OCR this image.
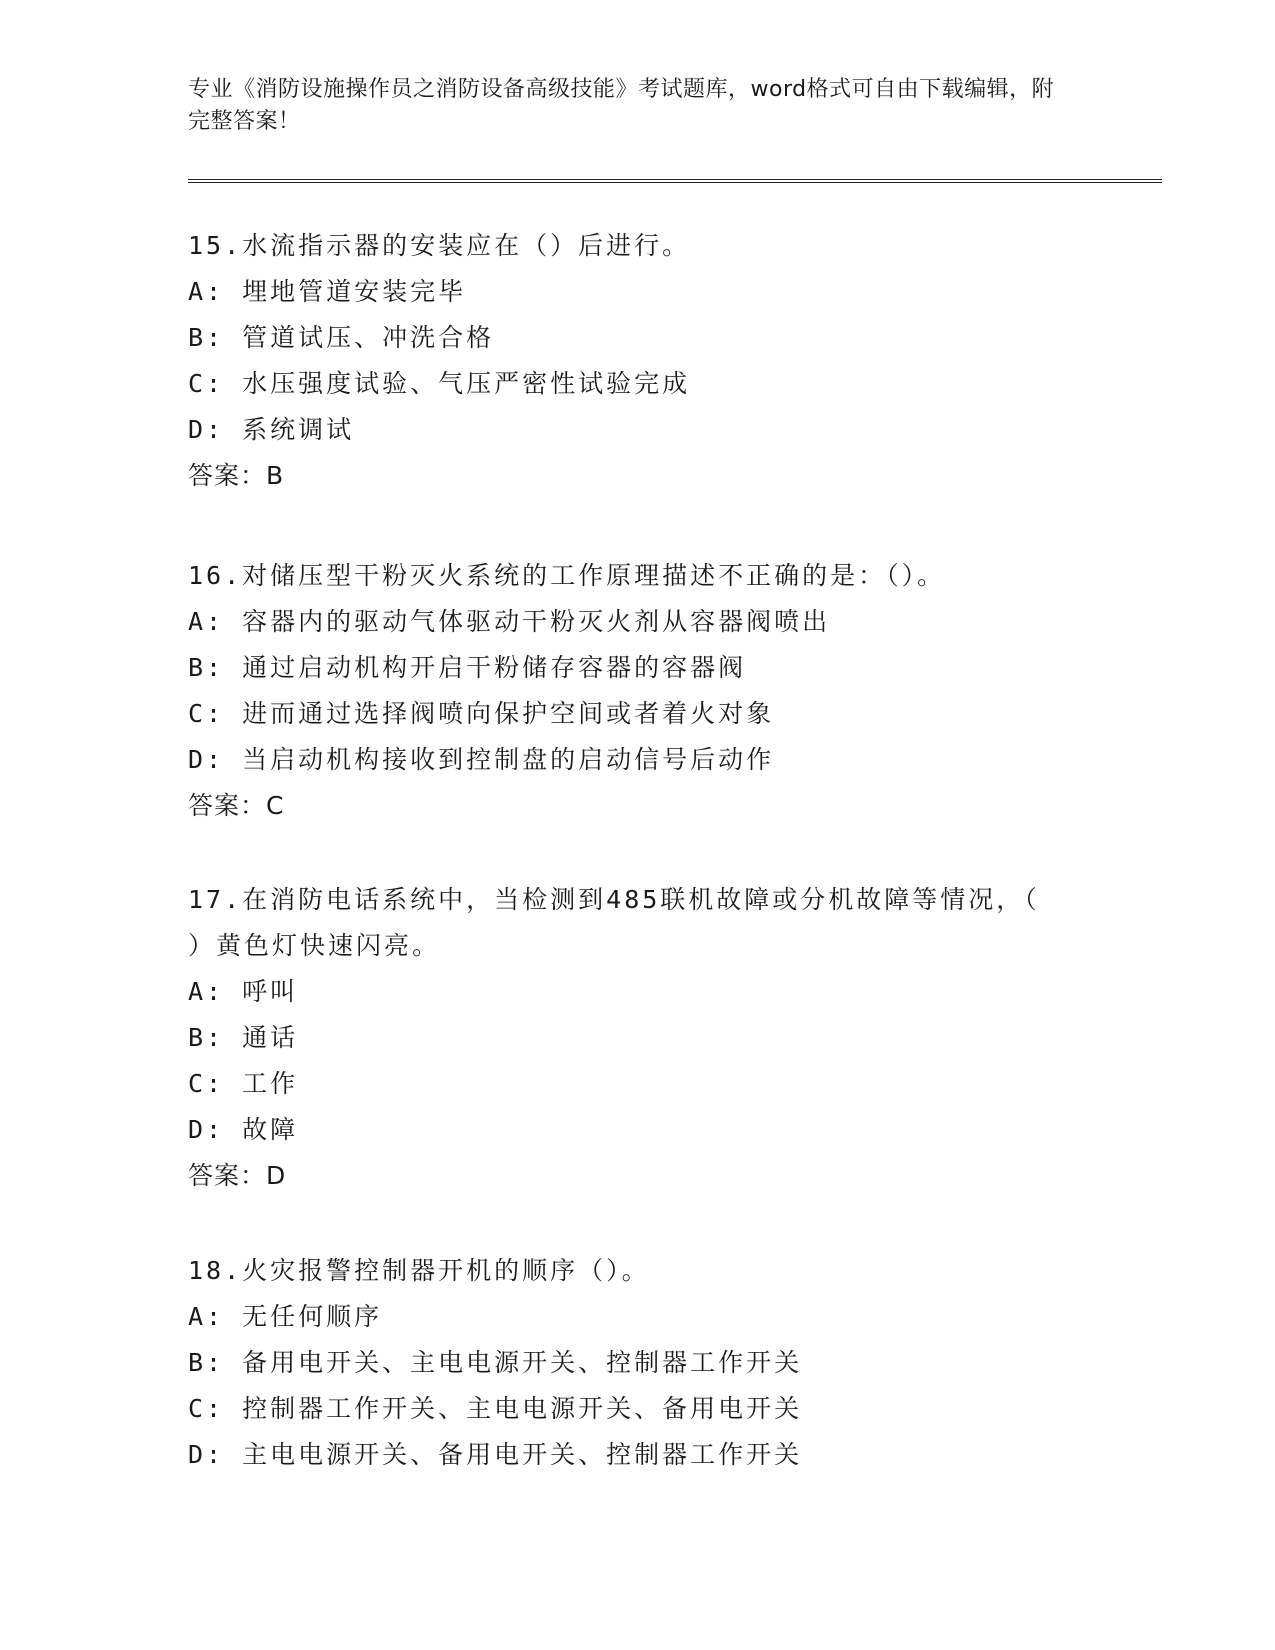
专业《消防设施操作员之消防设备高级技能》考试题库，word格式可自由下载编辑，附完整答案！
15.水流指示器的安装应在（）后进行。
A: 埋地管道安装完毕
B: 管道试压、冲洗合格
C: 水压强度试验、气压严密性试验完成
D: 系统调试
答案：B
16.对储压型干粉灭火系统的工作原理描述不正确的是：（）。
A: 容器内的驱动气体驱动干粉灭火剂从容器阀喷出
B: 通过启动机构开启干粉储存容器的容器阀
C: 进而通过选择阀喷向保护空间或者着火对象
D: 当启动机构接收到控制盘的启动信号后动作
答案：C
17.在消防电话系统中，当检测到485联机故障或分机故障等情况，（
）黄色灯快速闪亮。
A: 呼叫
B: 通话
C: 工作
D: 故障
答案：D
18.火灾报警控制器开机的顺序（）。
A: 无任何顺序
B: 备用电开关、主电电源开关、控制器工作开关
C: 控制器工作开关、主电电源开关、备用电开关
D: 主电电源开关、备用电开关、控制器工作开关
